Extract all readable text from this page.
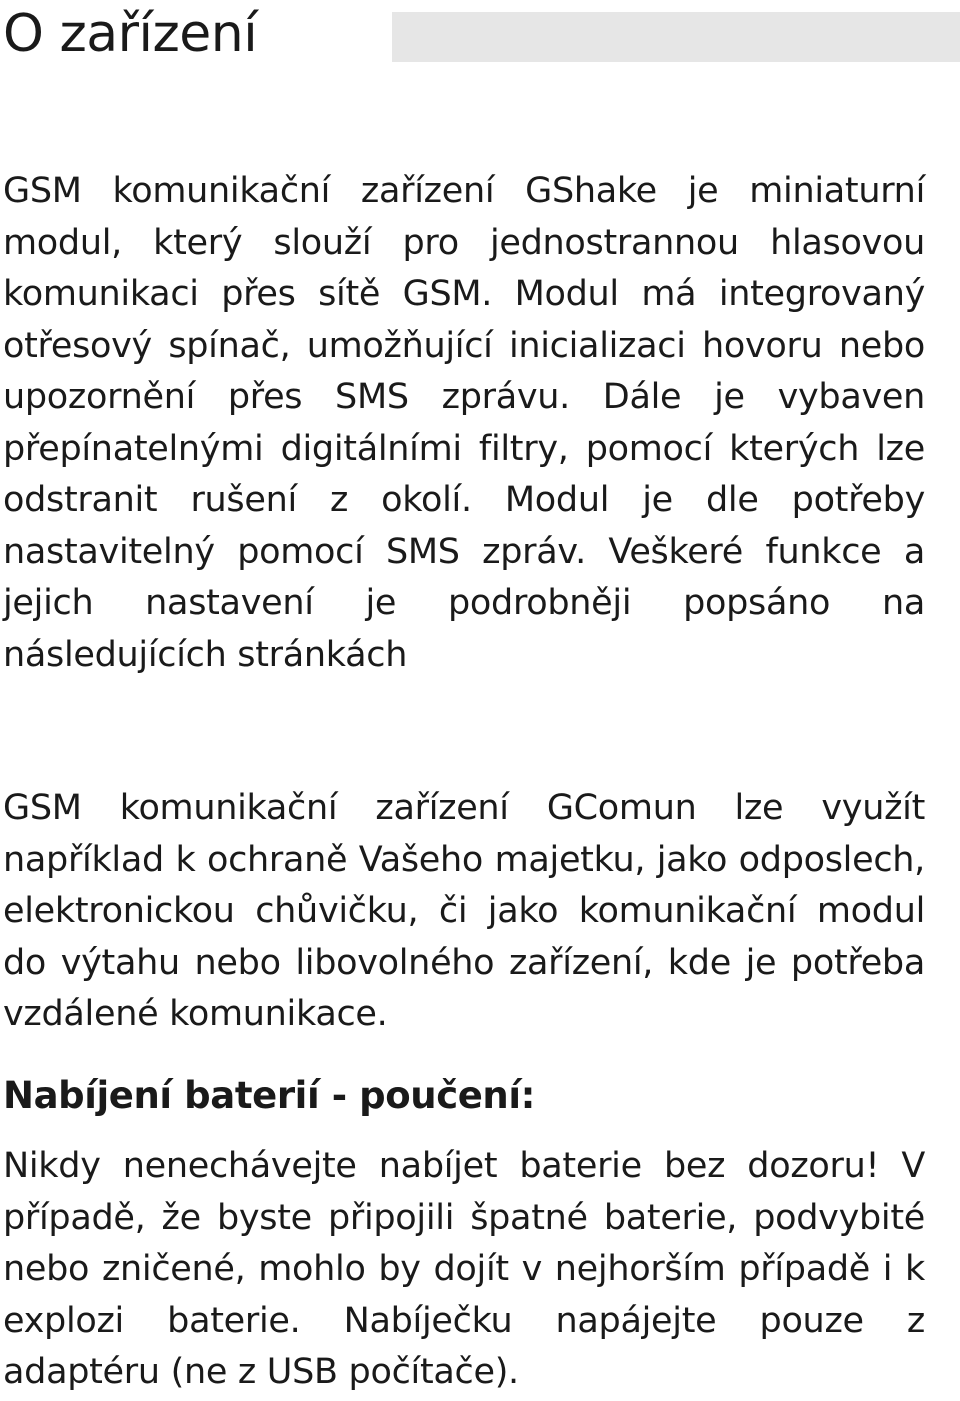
O zařízení

GSM komunikační zařízení GShake je miniaturní modul, který slouží pro jednostrannou hlasovou komunikaci přes sítě GSM. Modul má integrovaný otřesový spínač, umožňující inicializaci hovoru nebo upozornění přes SMS zprávu. Dále je vybaven přepínatelnými digitálními filtry, pomocí kterých lze odstranit rušení z okolí. Modul je dle potřeby nastavitelný pomocí SMS zpráv. Veškeré funkce a jejich nastavení je podrobněji popsáno na následujících stránkách

GSM komunikační zařízení GComun lze využít například k ochraně Vašeho majetku, jako odposlech, elektronickou chůvičku, či jako komunikační modul do výtahu nebo libovolného zařízení, kde je potřeba vzdálené komunikace.

Nabíjení baterií - poučení:

Nikdy nenechávejte nabíjet baterie bez dozoru! V případě, že byste připojili špatné baterie, podvybité nebo zničené, mohlo by dojít v nejhorším případě i k explozi baterie. Nabíječku napájejte pouze z adaptéru (ne z USB počítače).
